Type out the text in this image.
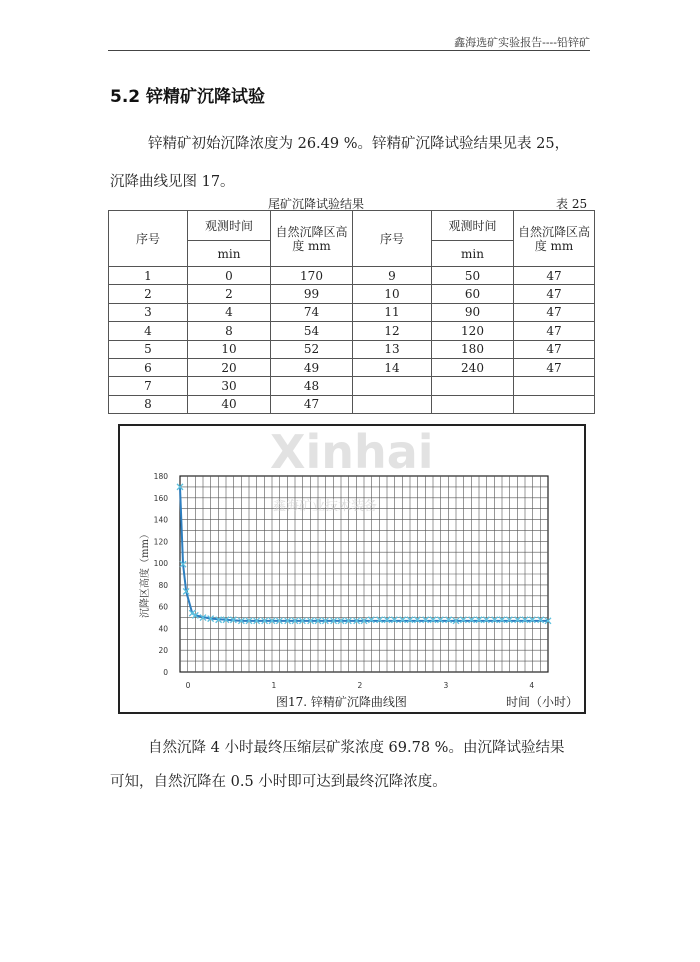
鑫海选矿实验报告----铅锌矿
5.2 锌精矿沉降试验
锌精矿初始沉降浓度为 26.49 %。锌精矿沉降试验结果见表 25，
沉降曲线见图 17。
尾矿沉降试验结果	表 25
序号	观测时间	自然沉降区高度 mm	序号	观测时间	自然沉降区高度 mm
	min			min	
1	0	170	9	50	47
2	2	99	10	60	47
3	4	74	11	90	47
4	8	54	12	120	47
5	10	52	13	180	47
6	20	49	14	240	47
7	30	48			
8	40	47			
0
20
40
60
80
100
120
140
160
180
0	1	2	3	4
Xinhai
鑫海矿业技术装备
沉降区高度（mm）
图17. 锌精矿沉降曲线图	时间（小时）
自然沉降 4 小时最终压缩层矿浆浓度 69.78 %。由沉降试验结果
可知，自然沉降在 0.5 小时即可达到最终沉降浓度。
